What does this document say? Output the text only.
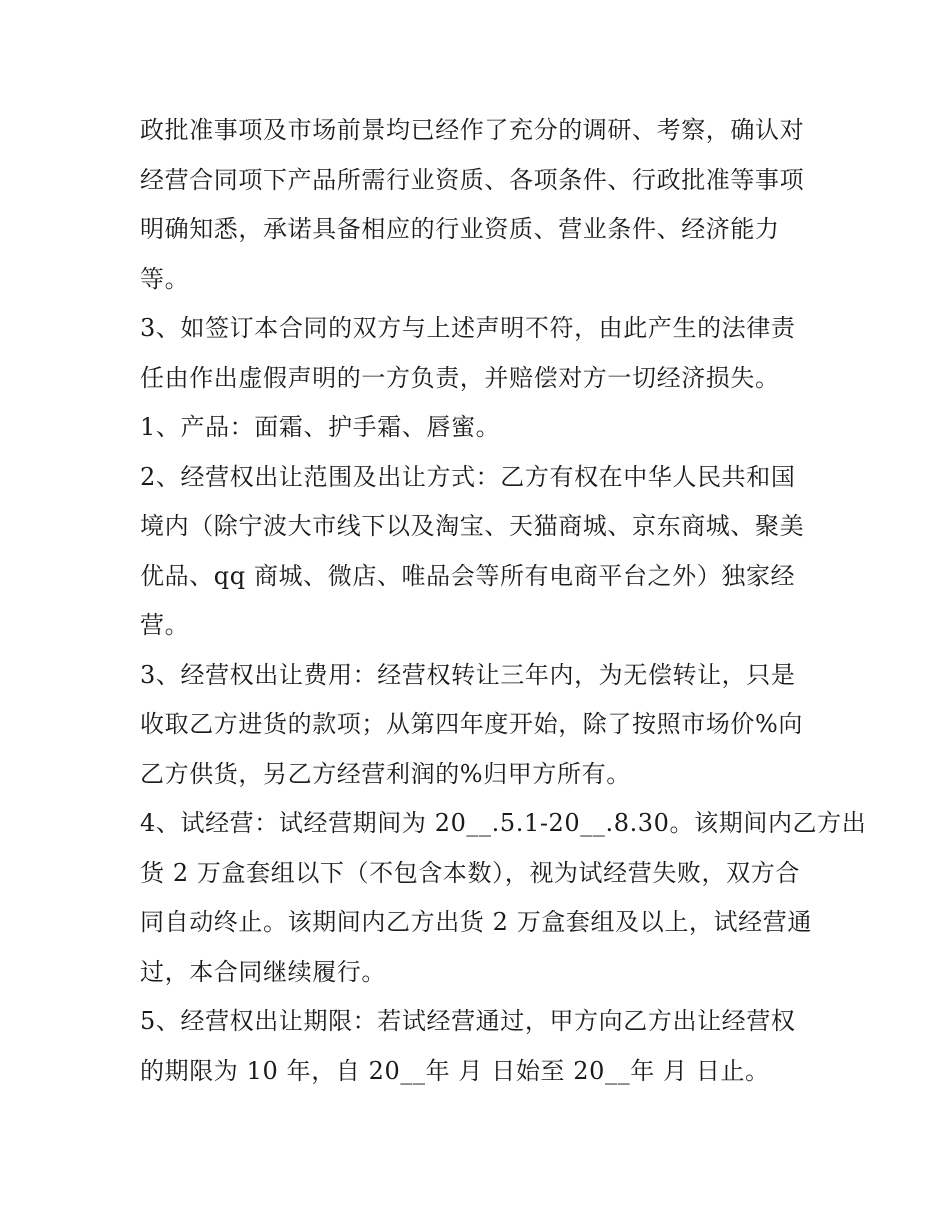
政批准事项及市场前景均已经作了充分的调研、考察，确认对
经营合同项下产品所需行业资质、各项条件、行政批准等事项
明确知悉，承诺具备相应的行业资质、营业条件、经济能力
等。
3、如签订本合同的双方与上述声明不符，由此产生的法律责
任由作出虚假声明的一方负责，并赔偿对方一切经济损失。
1、产品：面霜、护手霜、唇蜜。
2、经营权出让范围及出让方式：乙方有权在中华人民共和国
境内（除宁波大市线下以及淘宝、天猫商城、京东商城、聚美
优品、qq 商城、微店、唯品会等所有电商平台之外）独家经
营。
3、经营权出让费用：经营权转让三年内，为无偿转让，只是
收取乙方进货的款项；从第四年度开始，除了按照市场价%向
乙方供货，另乙方经营利润的%归甲方所有。
4、试经营：试经营期间为 20__.5.1-20__.8.30。该期间内乙方出
货 2 万盒套组以下（不包含本数），视为试经营失败，双方合
同自动终止。该期间内乙方出货 2 万盒套组及以上，试经营通
过，本合同继续履行。
5、经营权出让期限：若试经营通过，甲方向乙方出让经营权
的期限为 10 年，自 20__年 月 日始至 20__年 月 日止。
